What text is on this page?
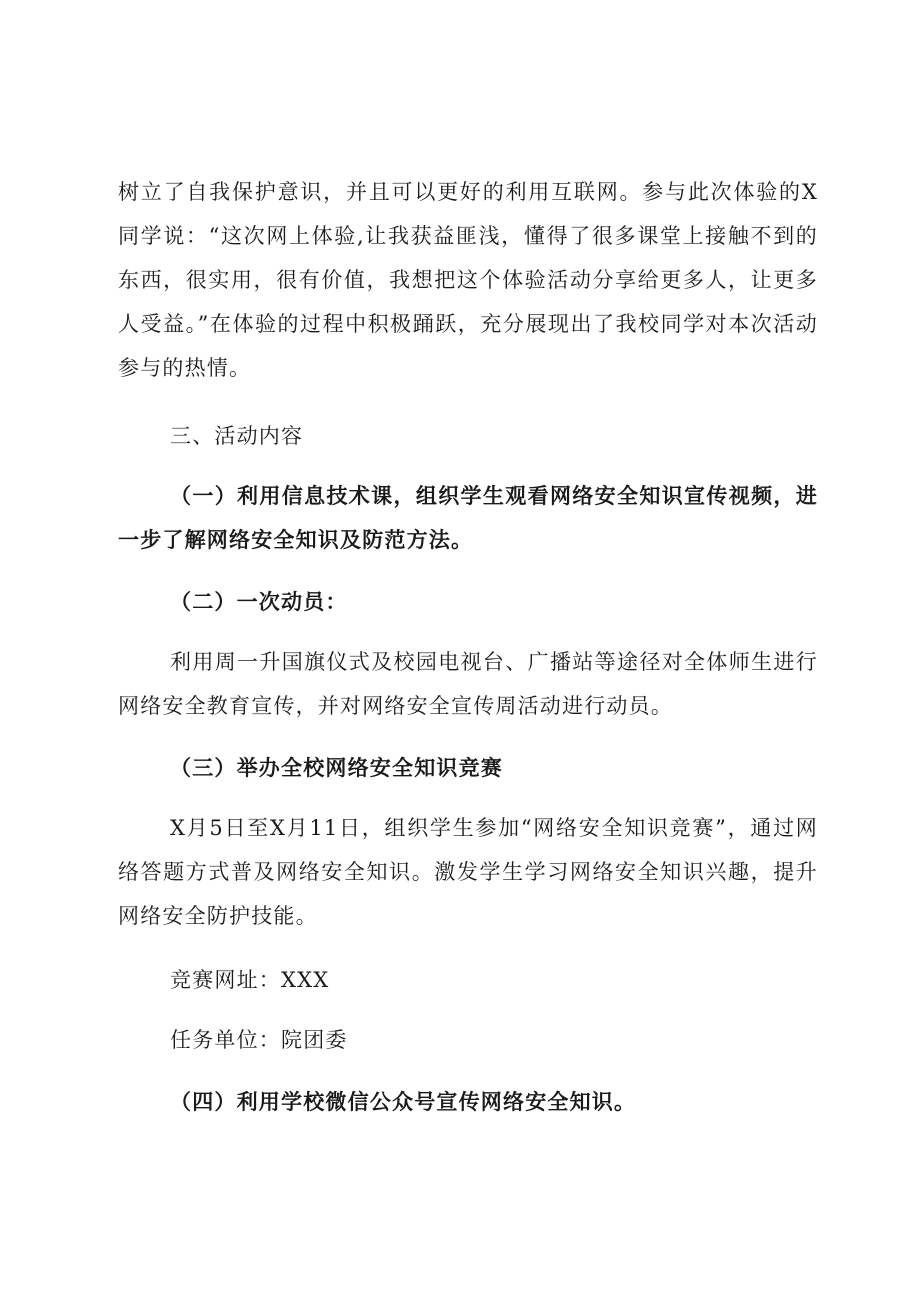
树立了自我保护意识，并且可以更好的利用互联网。参与此次体验的X同学说：“这次网上体验,让我获益匪浅，懂得了很多课堂上接触不到的东西，很实用，很有价值，我想把这个体验活动分享给更多人，让更多人受益。”在体验的过程中积极踊跃，充分展现出了我校同学对本次活动参与的热情。

三、活动内容

（一）利用信息技术课，组织学生观看网络安全知识宣传视频，进一步了解网络安全知识及防范方法。

（二）一次动员：

利用周一升国旗仪式及校园电视台、广播站等途径对全体师生进行网络安全教育宣传，并对网络安全宣传周活动进行动员。

（三）举办全校网络安全知识竞赛

X月5日至X月11日，组织学生参加“网络安全知识竞赛”，通过网络答题方式普及网络安全知识。激发学生学习网络安全知识兴趣，提升网络安全防护技能。

竞赛网址：XXX

任务单位：院团委

（四）利用学校微信公众号宣传网络安全知识。
